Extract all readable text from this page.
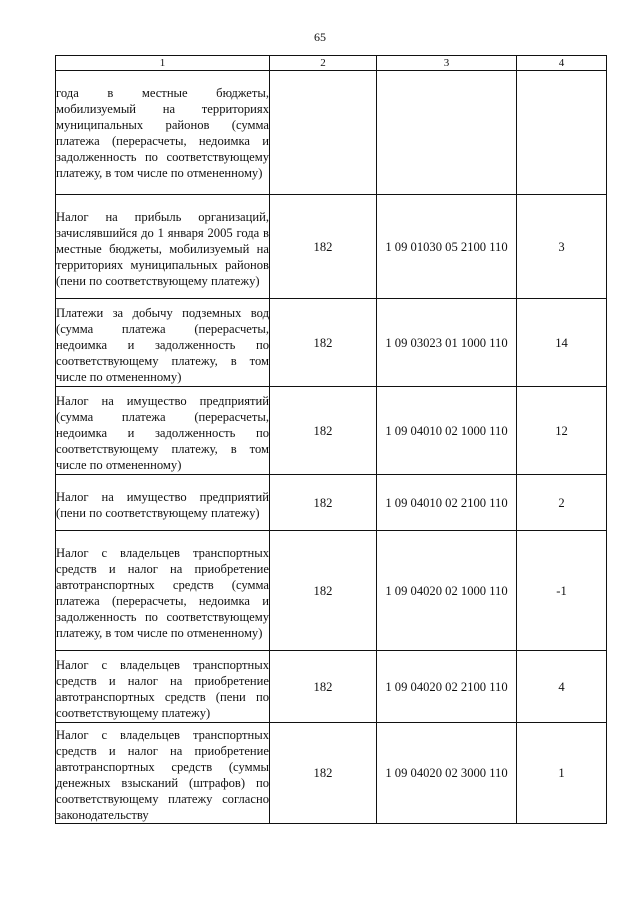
65
1	2	3	4
года в местные бюджеты, мобилизуемый на территориях муниципальных районов (сумма платежа (перерасчеты, недоимка и задолженность по соответствующему платежу, в том числе по отмененному)			
Налог на прибыль организаций, зачислявшийся до 1 января 2005 года в местные бюджеты, мобилизуемый на территориях муниципальных районов (пени по соответствующему платежу)	182	1 09 01030 05 2100 110	3
Платежи за добычу подземных вод (сумма платежа (перерасчеты, недоимка и задолженность по соответствующему платежу, в том числе по отмененному)	182	1 09 03023 01 1000 110	14
Налог на имущество предприятий (сумма платежа (перерасчеты, недоимка и задолженность по соответствующему платежу, в том числе по отмененному)	182	1 09 04010 02 1000 110	12
Налог на имущество предприятий (пени по соответствующему платежу)	182	1 09 04010 02 2100 110	2
Налог с владельцев транспортных средств и налог на приобретение автотранспортных средств (сумма платежа (перерасчеты, недоимка и задолженность по соответствующему платежу, в том числе по отмененному)	182	1 09 04020 02 1000 110	-1
Налог с владельцев транспортных средств и налог на приобретение автотранспортных средств (пени по соответствующему платежу)	182	1 09 04020 02 2100 110	4
Налог с владельцев транспортных средств и налог на приобретение автотранспортных средств (суммы денежных взысканий (штрафов) по соответствующему платежу согласно законодательству	182	1 09 04020 02 3000 110	1
